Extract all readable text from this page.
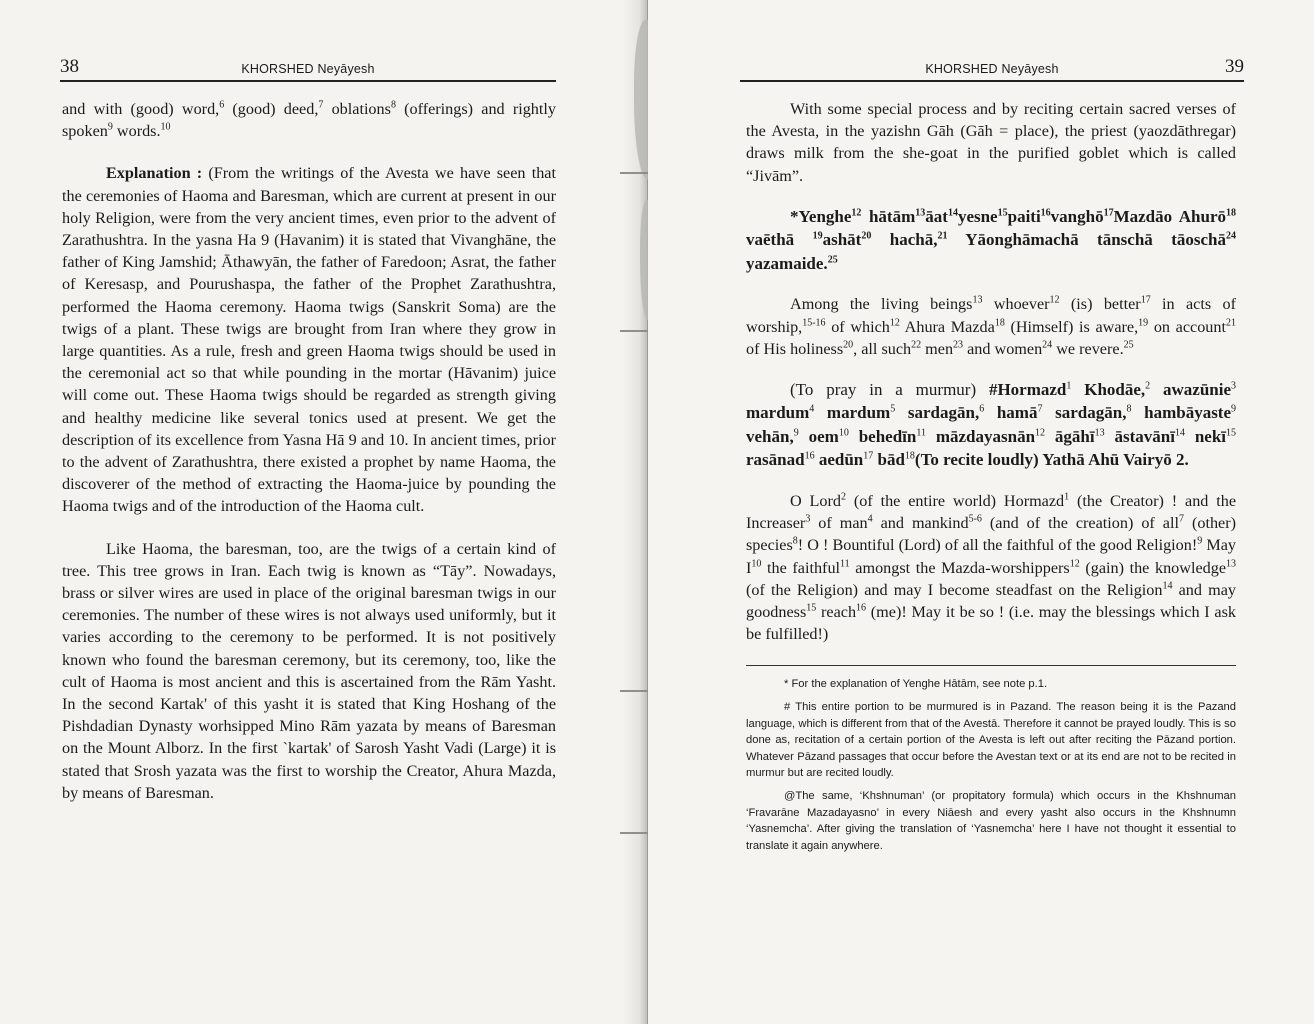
38	KHORSHED Neyāyesh

and with (good) word,$^6$ (good) deed,$^7$ oblations$^8$ (offerings) and rightly spoken$^9$ words.$^{10}$

Explanation : (From the writings of the Avesta we have seen that the ceremonies of Haoma and Baresman, which are current at present in our holy Religion, were from the very ancient times, even prior to the advent of Zarathushtra. In the yasna Ha 9 (Havanim) it is stated that Vivanghāne, the father of King Jamshid; Āthawyān, the father of Faredoon; Asrat, the father of Keresasp, and Pourushaspa, the father of the Prophet Zarathushtra, performed the Haoma ceremony. Haoma twigs (Sanskrit Soma) are the twigs of a plant. These twigs are brought from Iran where they grow in large quantities. As a rule, fresh and green Haoma twigs should be used in the ceremonial act so that while pounding in the mortar (Hāvanim) juice will come out. These Haoma twigs should be regarded as strength giving and healthy medicine like several tonics used at present. We get the description of its excellence from Yasna Hā 9 and 10. In ancient times, prior to the advent of Zarathushtra, there existed a prophet by name Haoma, the discoverer of the method of extracting the Haoma-juice by pounding the Haoma twigs and of the introduction of the Haoma cult.

Like Haoma, the baresman, too, are the twigs of a certain kind of tree. This tree grows in Iran. Each twig is known as “Tāy”. Nowadays, brass or silver wires are used in place of the original baresman twigs in our ceremonies. The number of these wires is not always used uniformly, but it varies according to the ceremony to be performed. It is not positively known who found the baresman ceremony, but its ceremony, too, like the cult of Haoma is most ancient and this is ascertained from the Rām Yasht. In the second Kartak' of this yasht it is stated that King Hoshang of the Pishdadian Dynasty worhsipped Mino Rām yazata by means of Baresman on the Mount Alborz. In the first `kartak' of Sarosh Yasht Vadi (Large) it is stated that Srosh yazata was the first to worship the Creator, Ahura Mazda, by means of Baresman.

KHORSHED Neyāyesh	39

With some special process and by reciting certain sacred verses of the Avesta, in the yazishn Gāh (Gāh = place), the priest (yaozdāthregar) draws milk from the she-goat in the purified goblet which is called “Jivām”.

*Yenghe$^{12}$ hātām$^{13}$āat$^{14}$yesne$^{15}$paiti$^{16}$vanghō$^{17}$Mazdāo Ahurō$^{18}$ vaēthā $^{19}$ashāt$^{20}$ hachā,$^{21}$ Yāonghāmachā tānschā tāoschā$^{24}$ yazamaide.$^{25}$

Among the living beings$^{13}$ whoever$^{12}$ (is) better$^{17}$ in acts of worship,$^{15-16}$ of which$^{12}$ Ahura Mazda$^{18}$ (Himself) is aware,$^{19}$ on account$^{21}$ of His holiness$^{20}$, all such$^{22}$ men$^{23}$ and women$^{24}$ we revere.$^{25}$

(To pray in a murmur) #Hormazd$^1$ Khodāe,$^2$ awazūnie$^3$ mardum$^4$ mardum$^5$ sardagān,$^6$ hamā$^7$ sardagān,$^8$ hambāyaste$^9$ vehān,$^9$ oem$^{10}$ behedīn$^{11}$ māzdayasnān$^{12}$ āgāhī$^{13}$ āstavānī$^{14}$ nekī$^{15}$ rasānad$^{16}$ aedūn$^{17}$ bād$^{18}$(To recite loudly) Yathā Ahū Vairyō 2.

O Lord$^2$ (of the entire world) Hormazd$^1$ (the Creator) ! and the Increaser$^3$ of man$^4$ and mankind$^{5-6}$ (and of the creation) of all$^7$ (other) species$^8$! O ! Bountiful (Lord) of all the faithful of the good Religion!$^9$ May $I^{10}$ the faithful$^{11}$ amongst the Mazda-worshippers$^{12}$ (gain) the knowledge$^{13}$ (of the Religion) and may I become steadfast on the Religion$^{14}$ and may goodness$^{15}$ reach$^{16}$ (me)! May it be so ! (i.e. may the blessings which I ask be fulfilled!)

* For the explanation of Yenghe Hātām, see note p.1.

# This entire portion to be murmured is in Pazand. The reason being it is the Pazand language, which is different from that of the Avestā. Therefore it cannot be prayed loudly. This is so done as, recitation of a certain portion of the Avesta is left out after reciting the Pāzand portion. Whatever Pāzand passages that occur before the Avestan text or at its end are not to be recited in murmur but are recited loudly.

@The same, ‘Khshnuman’ (or propitatory formula) which occurs in the Khshnuman ‘Fravarāne Mazadayasno’ in every Niāesh and every yasht also occurs in the Khshnumn ‘Yasnemcha’. After giving the translation of ‘Yasnemcha’ here I have not thought it essential to translate it again anywhere.
